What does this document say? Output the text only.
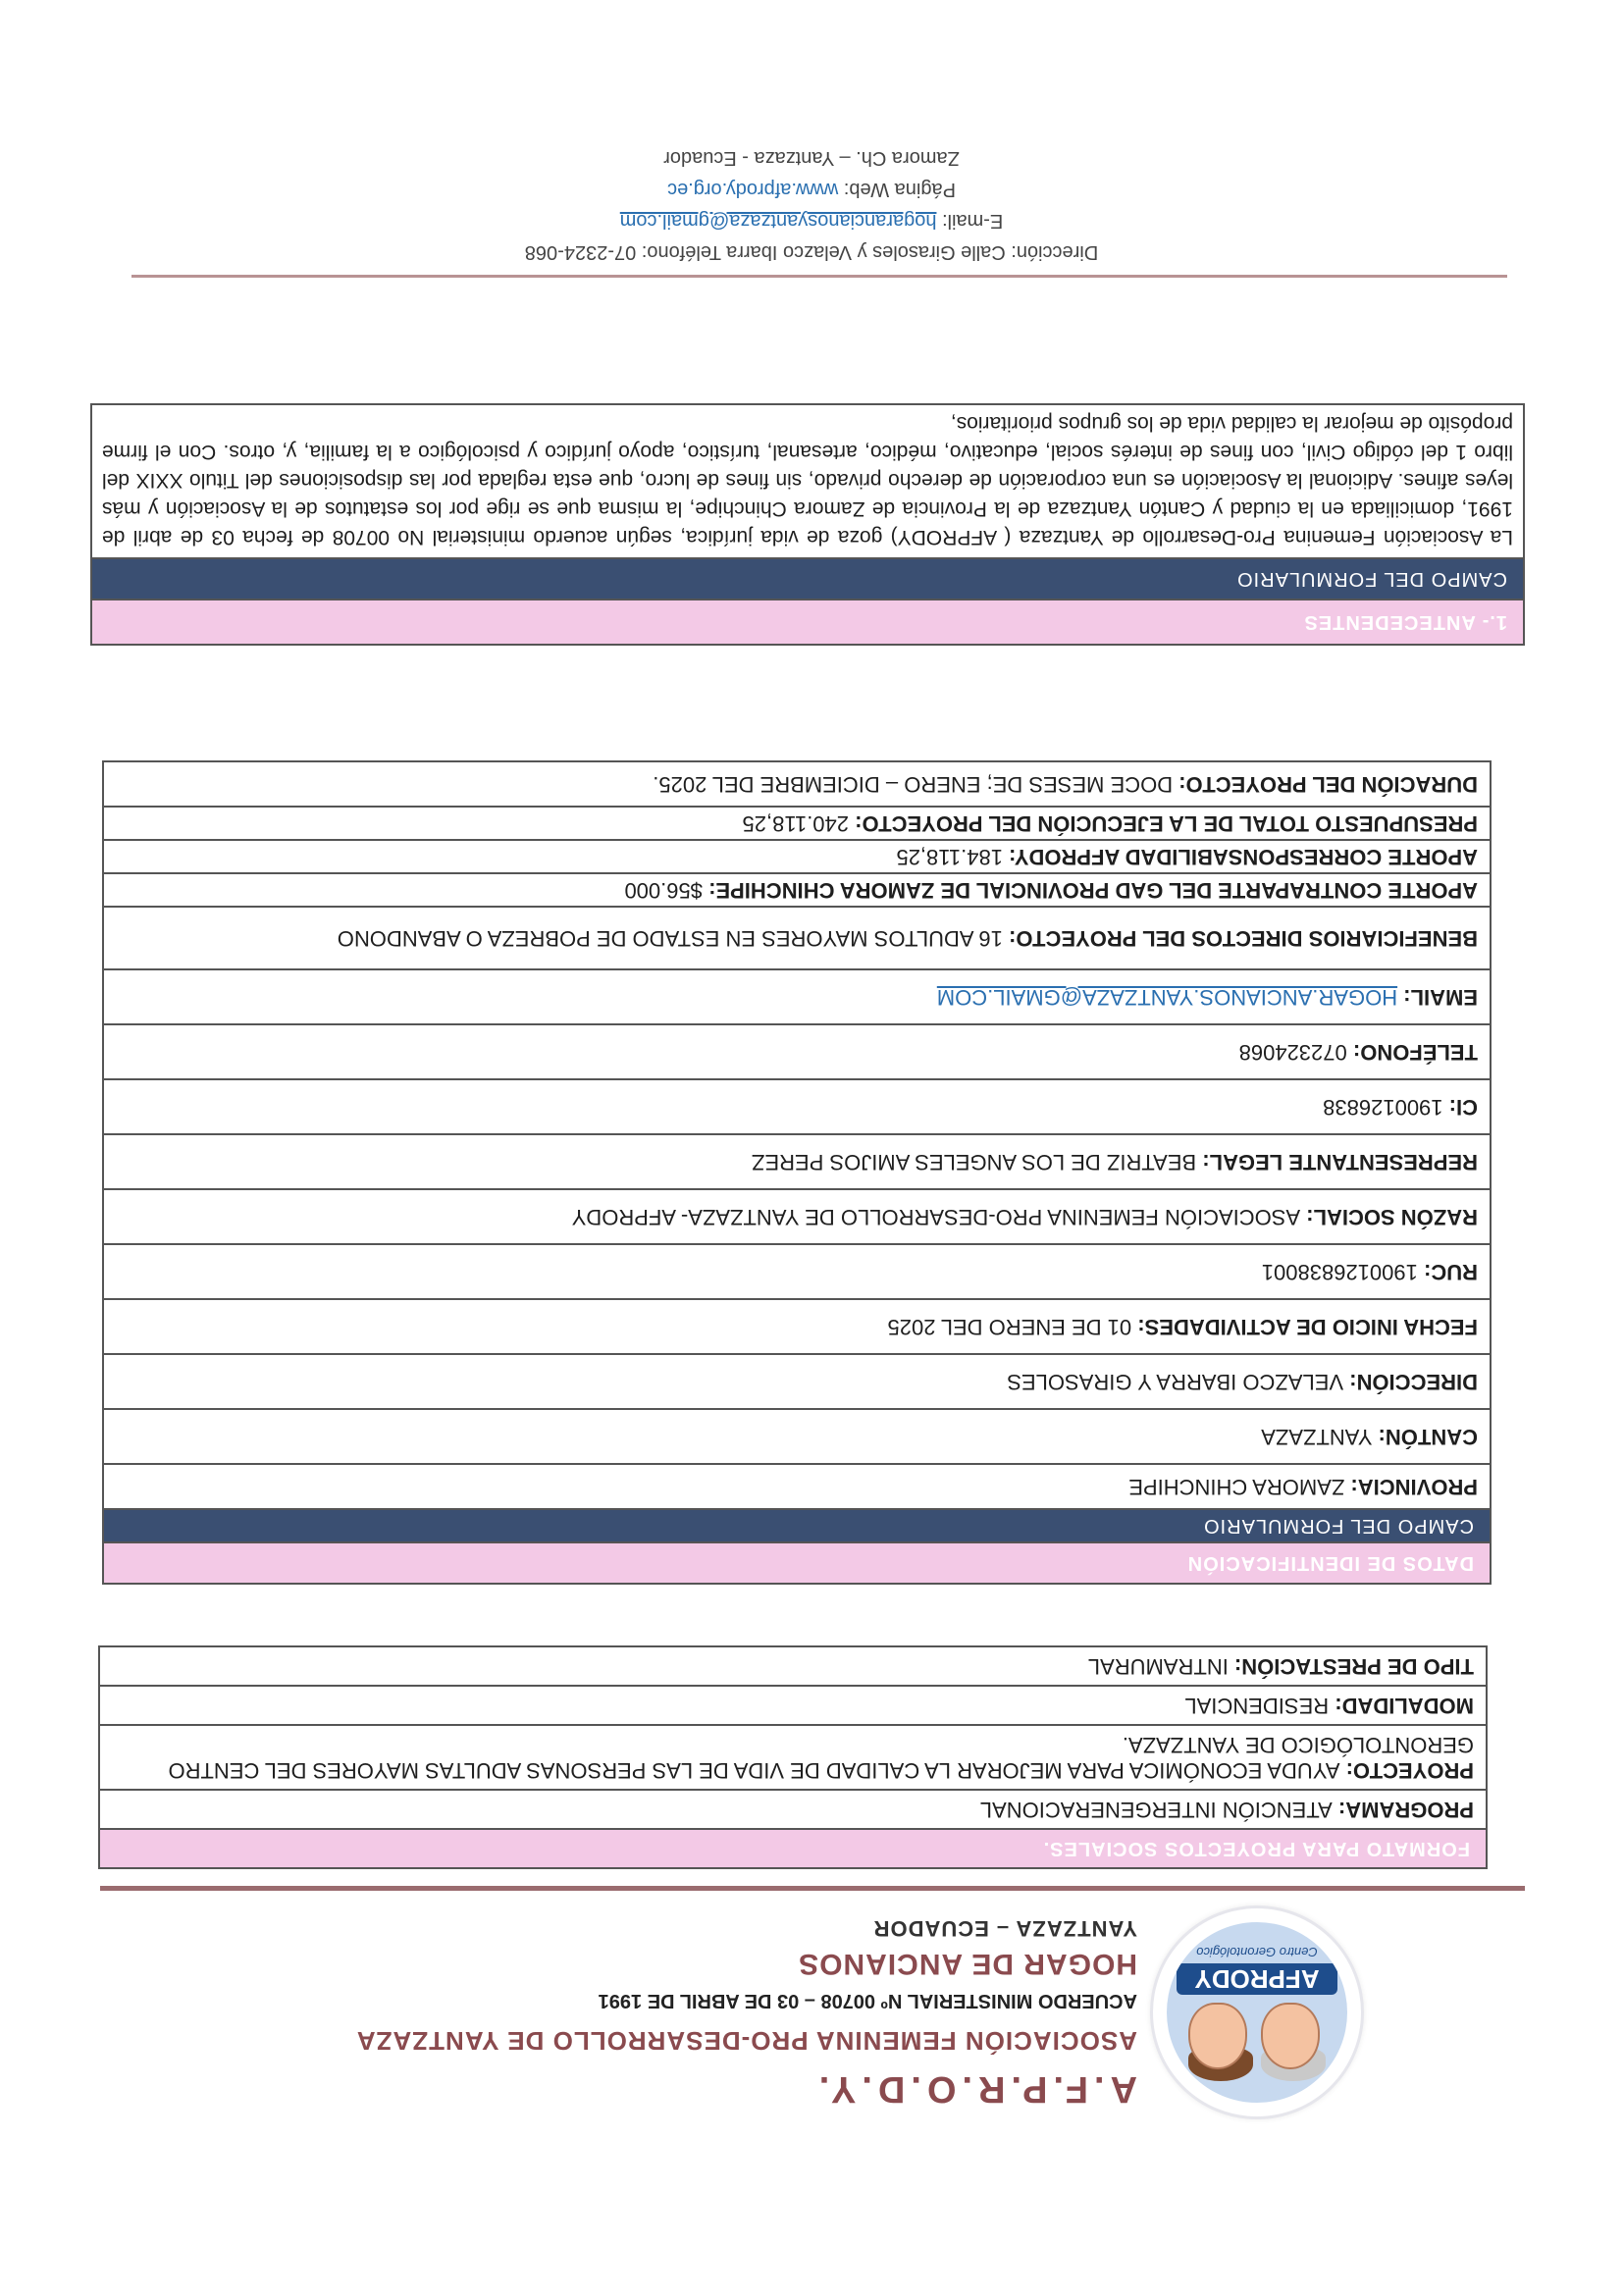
AFPRODY
Centro Gerontológico
A.F.P.R.O.D.Y.
ASOCIACIÓN FEMENINA PRO-DESARROLLO DE YANTZAZA
ACUERDO MINISTERIAL Nº 00708 – 03 DE ABRIL DE 1991
HOGAR DE ANCIANOS
YANTZAZA – ECUADOR
FORMATO PARA PROYECTOS SOCIALES.
PROGRAMA: ATENCIÓN INTERGENERACIONAL
PROYECTO: AYUDA ECONÓMICA PARA MEJORAR LA CALIDAD DE VIDA DE LAS PERSONAS ADULTAS MAYORES DEL CENTRO GERONTOLÓGICO DE YANTZAZA.
MODALIDAD: RESIDENCIAL
TIPO DE PRESTACIÓN: INTRAMURAL
DATOS DE IDENTIFICACIÓN
CAMPO DEL FORMULARIO
PROVINCIA: ZAMORA CHINCHIPE
CANTÓN: YANTZAZA
DIRECCIÓN: VELAZCO IBARRA Y GIRASOLES
FECHA INICIO DE ACTIVIDADES: 01 DE ENERO DEL 2025
RUC: 1900126838001
RAZÓN SOCIAL: ASOCIACIÓN FEMENINA PRO-DESARROLLO DE YANTZAZA- AFPRODY
REPRESENTANTE LEGAL: BEATRIZ DE LOS ANGELES AMIJOS PEREZ
CI: 1900126838
TELÉFONO: 072324068
EMAIL: HOGAR.ANCIANOS.YANTZAZA@GMAIL.COM
BENEFICIARIOS DIRECTOS DEL PROYECTO: 16 ADULTOS MAYORES EN ESTADO DE POBREZA O ABANDONO
APORTE CONTRAPARTE DEL GAD PROVINCIAL DE ZAMORA CHINCHIPE: $56.000
APORTE CORRESPONSABILIDAD AFPRODY: 184.118,25
PRESUPUESTO TOTAL DE LA EJECUCIÓN DEL PROYECTO: 240.118,25
DURACIÓN DEL PROYECTO: DOCE MESES DE; ENERO – DICIEMBRE DEL 2025.
1.- ANTECEDENTES
CAMPO DEL FORMULARIO
La Asociación Femenina Pro-Desarrollo de Yantzaza ( AFPRODY) goza de vida jurídica, según acuerdo ministerial No 00708 de fecha 03 de abril de 1991, domiciliada en la ciudad y Cantón Yantzaza de la Provincia de Zamora Chinchipe, la misma que se rige por los estatutos de la Asociación y más leyes afines. Adicional la Asociación es una corporación de derecho privado, sin fines de lucro, que esta reglada por las disposiciones del Titulo XXIX del libro 1 del código Civil, con fines de interés social, educativo, médico, artesanal, turístico, apoyo jurídico y psicológico a la familia, y, otros. Con el firme propósito de mejorar la calidad vida de los grupos prioritarios,
Dirección: Calle Girasoles y Velazco Ibarra Teléfono: 07-2324-068
E-mail: hogarancianosyantzaza@gmail.com
Página Web: www.afprody.org.ec
Zamora Ch. – Yantzaza - Ecuador
